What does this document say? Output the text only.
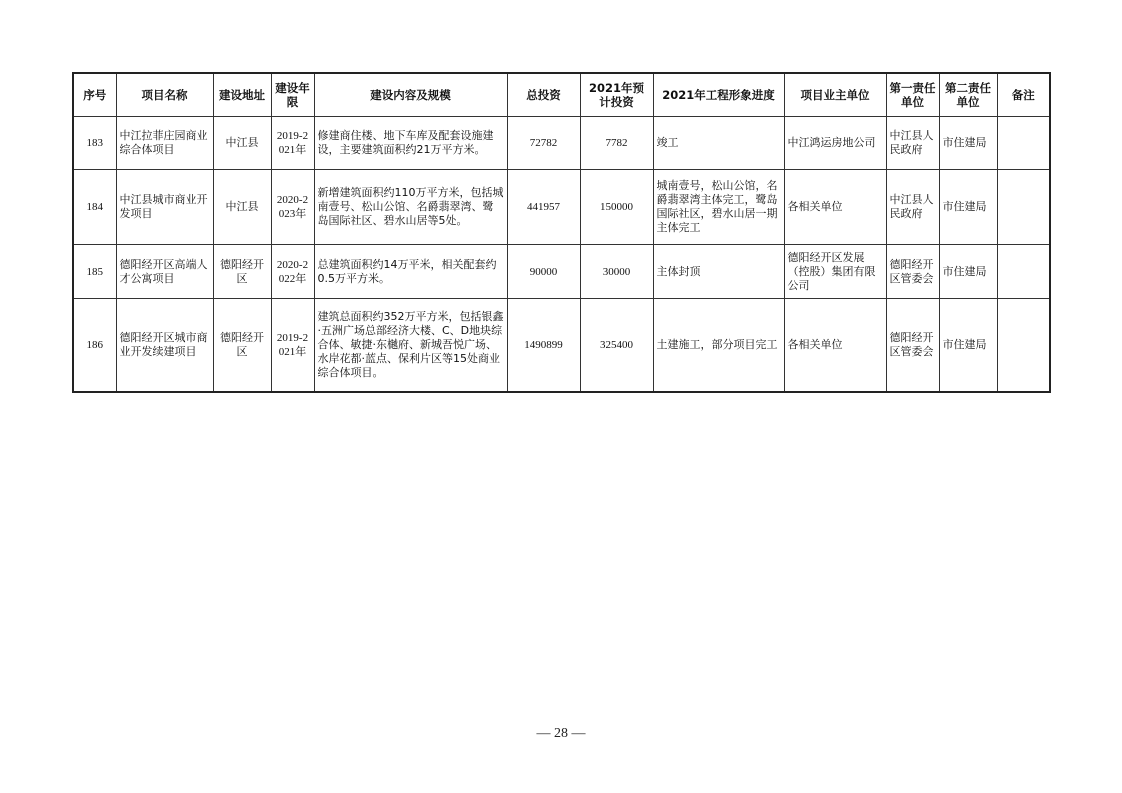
序号	项目名称	建设地址	建设年限	建设内容及规模	总投资	2021年预计投资	2021年工程形象进度	项目业主单位	第一责任单位	第二责任单位	备注
183	中江拉菲庄园商业综合体项目	中江县	2019-2021年	修建商住楼、地下车库及配套设施建设，主要建筑面积约21万平方米。	72782	7782	竣工	中江鸿运房地公司	中江县人民政府	市住建局	
184	中江县城市商业开发项目	中江县	2020-2023年	新增建筑面积约110万平方米，包括城南壹号、松山公馆、名爵翡翠湾、鹭岛国际社区、碧水山居等5处。	441957	150000	城南壹号，松山公馆，名爵翡翠湾主体完工，鹭岛国际社区，碧水山居一期主体完工	各相关单位	中江县人民政府	市住建局	
185	德阳经开区高端人才公寓项目	德阳经开区	2020-2022年	总建筑面积约14万平米，相关配套约0.5万平方米。	90000	30000	主体封顶	德阳经开区发展（控股）集团有限公司	德阳经开区管委会	市住建局	
186	德阳经开区城市商业开发续建项目	德阳经开区	2019-2021年	建筑总面积约352万平方米，包括银鑫·五洲广场总部经济大楼、C、D地块综合体、敏捷·东樾府、新城吾悦广场、水岸花都·蓝点、保利片区等15处商业综合体项目。	1490899	325400	土建施工，部分项目完工	各相关单位	德阳经开区管委会	市住建局	
— 28 —
